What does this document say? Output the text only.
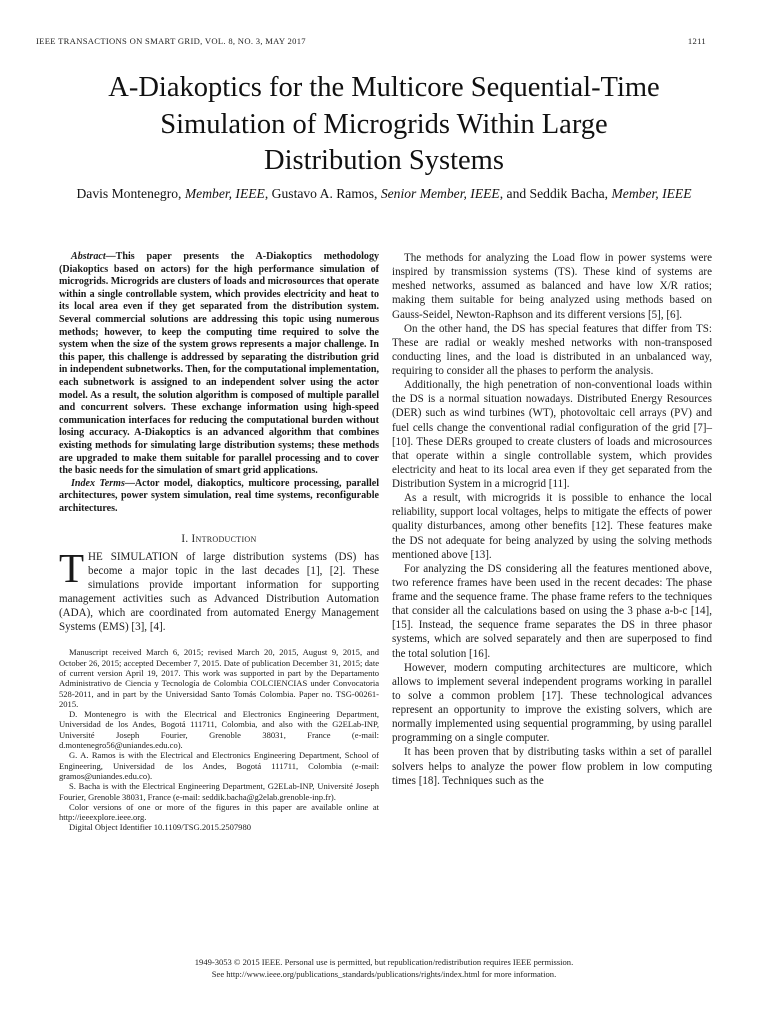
IEEE TRANSACTIONS ON SMART GRID, VOL. 8, NO. 3, MAY 2017	1211
A-Diakoptics for the Multicore Sequential-Time
Simulation of Microgrids Within Large
Distribution Systems
Davis Montenegro, Member, IEEE, Gustavo A. Ramos, Senior Member, IEEE, and Seddik Bacha, Member, IEEE

Abstract—This paper presents the A-Diakoptics methodology (Diakoptics based on actors) for the high performance simulation of microgrids. Microgrids are clusters of loads and microsources that operate within a single controllable system, which provides electricity and heat to its local area even if they get separated from the distribution system. Several commercial solutions are addressing this topic using numerous methods; however, to keep the computing time required to solve the system when the size of the system grows represents a major challenge. In this paper, this challenge is addressed by separating the distribution grid in independent subnetworks. Then, for the computational implementation, each subnetwork is assigned to an independent solver using the actor model. As a result, the solution algorithm is composed of multiple parallel and concurrent solvers. These exchange information using high-speed communication interfaces for reducing the computational burden without losing accuracy. A-Diakoptics is an advanced algorithm that combines existing methods for simulating large distribution systems; these methods are upgraded to make them suitable for parallel processing and to cover the basic needs for the simulation of smart grid applications.

Index Terms—Actor model, diakoptics, multicore processing, parallel architectures, power system simulation, real time systems, reconfigurable architectures.

I. Introduction

THE SIMULATION of large distribution systems (DS) has become a major topic in the last decades [1], [2]. These simulations provide important information for supporting management activities such as Advanced Distribution Automation (ADA), which are coordinated from automated Energy Management Systems (EMS) [3], [4].

Manuscript received March 6, 2015; revised March 20, 2015, August 9, 2015, and October 26, 2015; accepted December 7, 2015. Date of publication December 31, 2015; date of current version April 19, 2017. This work was supported in part by the Departamento Administrativo de Ciencia y Tecnología de Colombia COLCIENCIAS under Convocatoria 528-2011, and in part by the Universidad Santo Tomás Colombia. Paper no. TSG-00261-2015.

D. Montenegro is with the Electrical and Electronics Engineering Department, Universidad de los Andes, Bogotá 111711, Colombia, and also with the G2ELab-INP, Université Joseph Fourier, Grenoble 38031, France (e-mail: d.montenegro56@uniandes.edu.co).

G. A. Ramos is with the Electrical and Electronics Engineering Department, School of Engineering, Universidad de los Andes, Bogotá 111711, Colombia (e-mail: gramos@uniandes.edu.co).

S. Bacha is with the Electrical Engineering Department, G2ELab-INP, Université Joseph Fourier, Grenoble 38031, France (e-mail: seddik.bacha@g2elab.grenoble-inp.fr).

Color versions of one or more of the figures in this paper are available online at http://ieeexplore.ieee.org.

Digital Object Identifier 10.1109/TSG.2015.2507980

The methods for analyzing the Load flow in power systems were inspired by transmission systems (TS). These kind of systems are meshed networks, assumed as balanced and have low X/R ratios; making them suitable for being analyzed using methods based on Gauss-Seidel, Newton-Raphson and its different versions [5], [6].

On the other hand, the DS has special features that differ from TS: These are radial or weakly meshed networks with non-transposed conducting lines, and the load is distributed in an unbalanced way, requiring to consider all the phases to perform the analysis.

Additionally, the high penetration of non-conventional loads within the DS is a normal situation nowadays. Distributed Energy Resources (DER) such as wind turbines (WT), photovoltaic cell arrays (PV) and fuel cells change the conventional radial configuration of the grid [7]–[10]. These DERs grouped to create clusters of loads and microsources that operate within a single controllable system, which provides electricity and heat to its local area even if they get separated from the Distribution System in a microgrid [11].

As a result, with microgrids it is possible to enhance the local reliability, support local voltages, helps to mitigate the effects of power quality disturbances, among other benefits [12]. These features make the DS not adequate for being analyzed by using the solving methods mentioned above [13].

For analyzing the DS considering all the features mentioned above, two reference frames have been used in the recent decades: The phase frame and the sequence frame. The phase frame refers to the techniques that consider all the calculations based on using the 3 phase a-b-c [14], [15]. Instead, the sequence frame separates the DS in three phasor systems, which are solved separately and then are superposed to find the total solution [16].

However, modern computing architectures are multicore, which allows to implement several independent programs working in parallel to solve a common problem [17]. These technological advances represent an opportunity to improve the existing solvers, which are normally implemented using sequential programming, by using parallel programming on a single computer.

It has been proven that by distributing tasks within a set of parallel solvers helps to analyze the power flow problem in low computing times [18]. Techniques such as the

1949-3053 © 2015 IEEE. Personal use is permitted, but republication/redistribution requires IEEE permission.
See http://www.ieee.org/publications_standards/publications/rights/index.html for more information.
